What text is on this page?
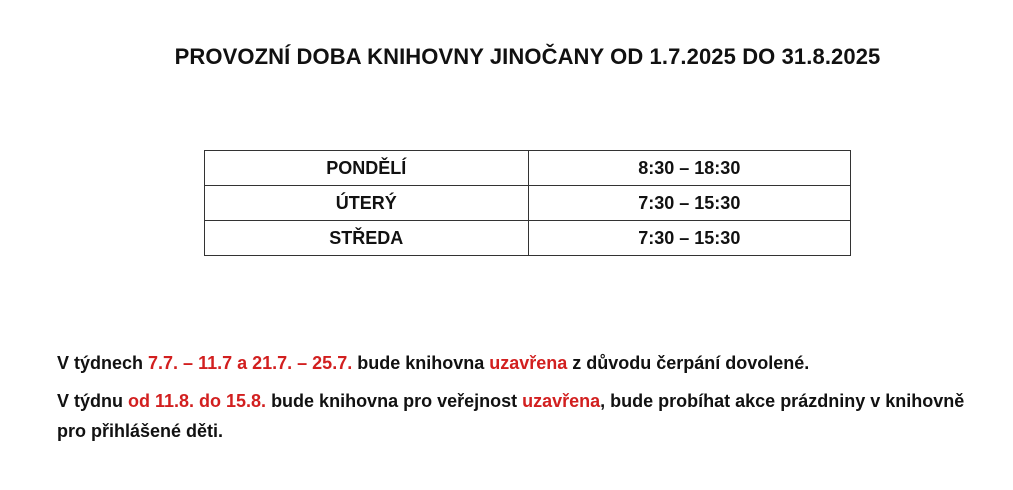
PROVOZNÍ DOBA KNIHOVNY JINOČANY OD 1.7.2025 DO 31.8.2025
PONDĚLÍ	8:30 – 18:30
ÚTERÝ	7:30 – 15:30
STŘEDA	7:30 – 15:30

V týdnech 7.7. – 11.7 a 21.7. – 25.7. bude knihovna uzavřena z důvodu čerpání dovolené.

V týdnu od 11.8. do 15.8. bude knihovna pro veřejnost uzavřena, bude probíhat akce prázdniny v knihovně pro přihlášené děti.
